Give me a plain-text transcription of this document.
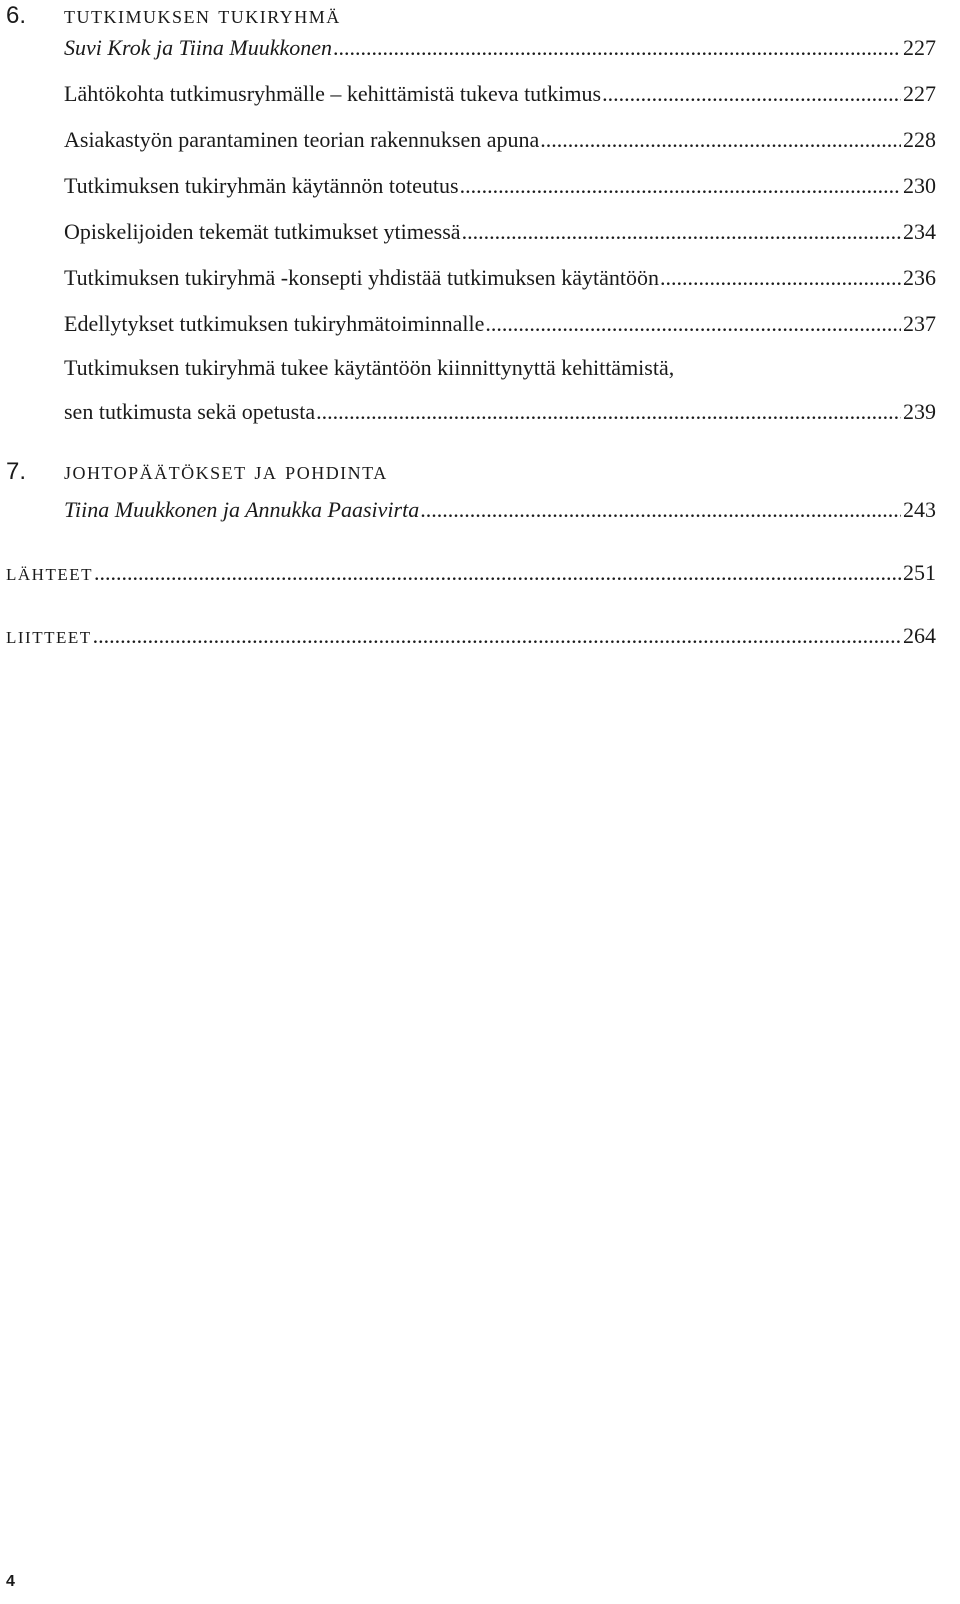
6. tutkimuksen tukiryhmä
Suvi Krok ja Tiina Muukkonen .....	227
Lähtökohta tutkimusryhmälle – kehittämistä tukeva tutkimus .....	227
Asiakastyön parantaminen teorian rakennuksen apuna .....	228
Tutkimuksen tukiryhmän käytännön toteutus .....	230
Opiskelijoiden tekemät tutkimukset ytimessä .....	234
Tutkimuksen tukiryhmä -konsepti yhdistää tutkimuksen käytäntöön .....	236
Edellytykset tutkimuksen tukiryhmätoiminnalle .....	237
Tutkimuksen tukiryhmä tukee käytäntöön kiinnittynyttä kehittämistä,
sen tutkimusta sekä opetusta .....	239
7. johtopäätökset ja pohdinta
Tiina Muukkonen ja Annukka Paasivirta .....	243
lähteet .....	251
liitteet .....	264
4
